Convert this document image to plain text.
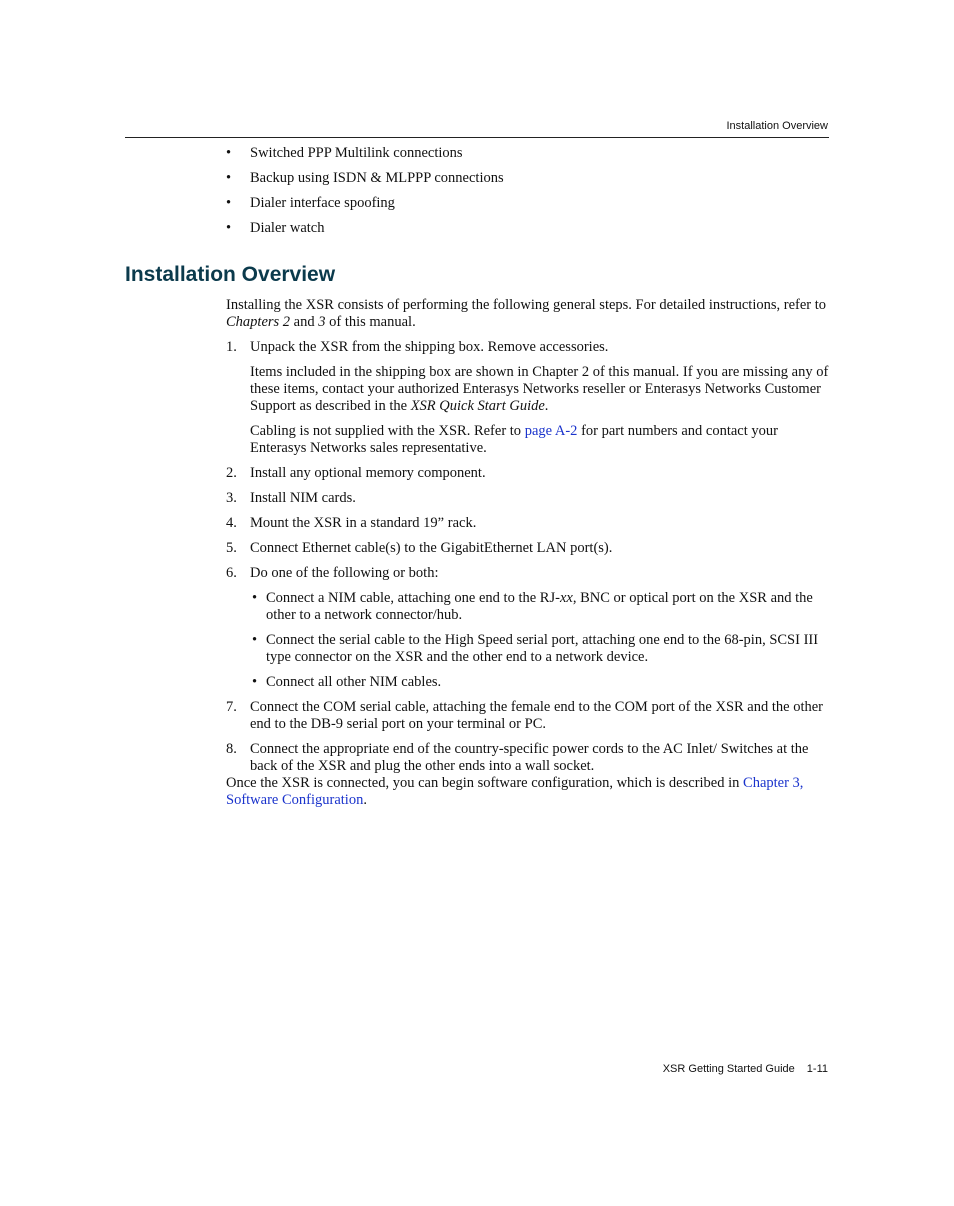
Installation Overview
• Switched PPP Multilink connections
• Backup using ISDN & MLPPP connections
• Dialer interface spoofing
• Dialer watch
Installation Overview

Installing the XSR consists of performing the following general steps. For detailed instructions, refer to Chapters 2 and 3 of this manual.

1. Unpack the XSR from the shipping box. Remove accessories.

Items included in the shipping box are shown in Chapter 2 of this manual. If you are missing any of these items, contact your authorized Enterasys Networks reseller or Enterasys Networks Customer Support as described in the XSR Quick Start Guide.

Cabling is not supplied with the XSR. Refer to page A-2 for part numbers and contact your Enterasys Networks sales representative.

2. Install any optional memory component.

3. Install NIM cards.

4. Mount the XSR in a standard 19” rack.

5. Connect Ethernet cable(s) to the GigabitEthernet LAN port(s).

6. Do one of the following or both:

• Connect a NIM cable, attaching one end to the RJ-xx, BNC or optical port on the XSR and the other to a network connector/hub.
• Connect the serial cable to the High Speed serial port, attaching one end to the 68-pin, SCSI III type connector on the XSR and the other end to a network device.
• Connect all other NIM cables.
7. Connect the COM serial cable, attaching the female end to the COM port of the XSR and the other end to the DB-9 serial port on your terminal or PC.

8. Connect the appropriate end of the country-specific power cords to the AC Inlet/ Switches at the back of the XSR and plug the other ends into a wall socket.

Once the XSR is connected, you can begin software configuration, which is described in Chapter 3, Software Configuration.

XSR Getting Started Guide 1-11
